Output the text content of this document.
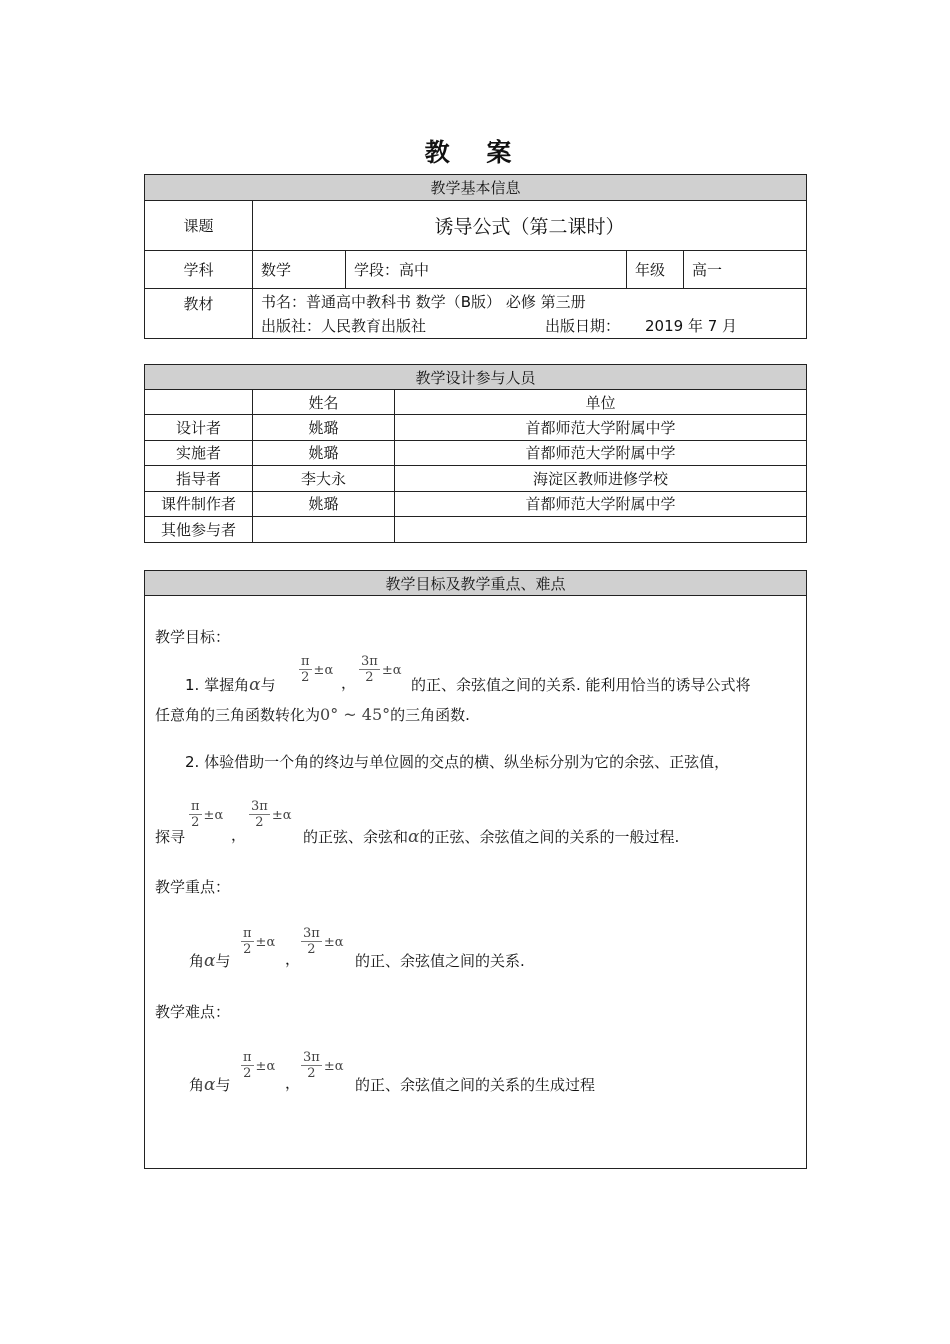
教 案
教学基本信息				
课题	诱导公式（第二课时）			
学科	数学	学段：高中	年级	高一
教材	书名：普通高中教科书 数学（B版） 必修 第三册
出版社：人民教育出版社 出版日期： 2019 年 7 月			
教学设计参与人员		
	姓名	单位
设计者	姚璐	首都师范大学附属中学
实施者	姚璐	首都师范大学附属中学
指导者	李大永	海淀区教师进修学校
课件制作者	姚璐	首都师范大学附属中学
其他参与者		
教学目标及教学重点、难点

教学目标：
1. 掌握角α与 $\frac{\pi}{2} \pm\alpha$
， $\frac{3\pi}{2} \pm\alpha$
的正、余弦值之间的关系. 能利用恰当的诱导公式将
任意角的三角函数转化为0° ~ 45°的三角函数.
2. 体验借助一个角的终边与单位圆的交点的横、纵坐标分别为它的余弦、正弦值，
探寻
$\frac{\pi}{2} \pm\alpha$
，
$\frac{3\pi}{2} \pm\alpha$
的正弦、余弦和α的正弦、余弦值之间的关系的一般过程.
教学重点：
角α与
$\frac{\pi}{2} \pm\alpha$
，
$\frac{3\pi}{2} \pm\alpha$
的正、余弦值之间的关系.
教学难点：
角α与
$\frac{\pi}{2} \pm\alpha$
，
$\frac{3\pi}{2} \pm\alpha$
的正、余弦值之间的关系的生成过程
